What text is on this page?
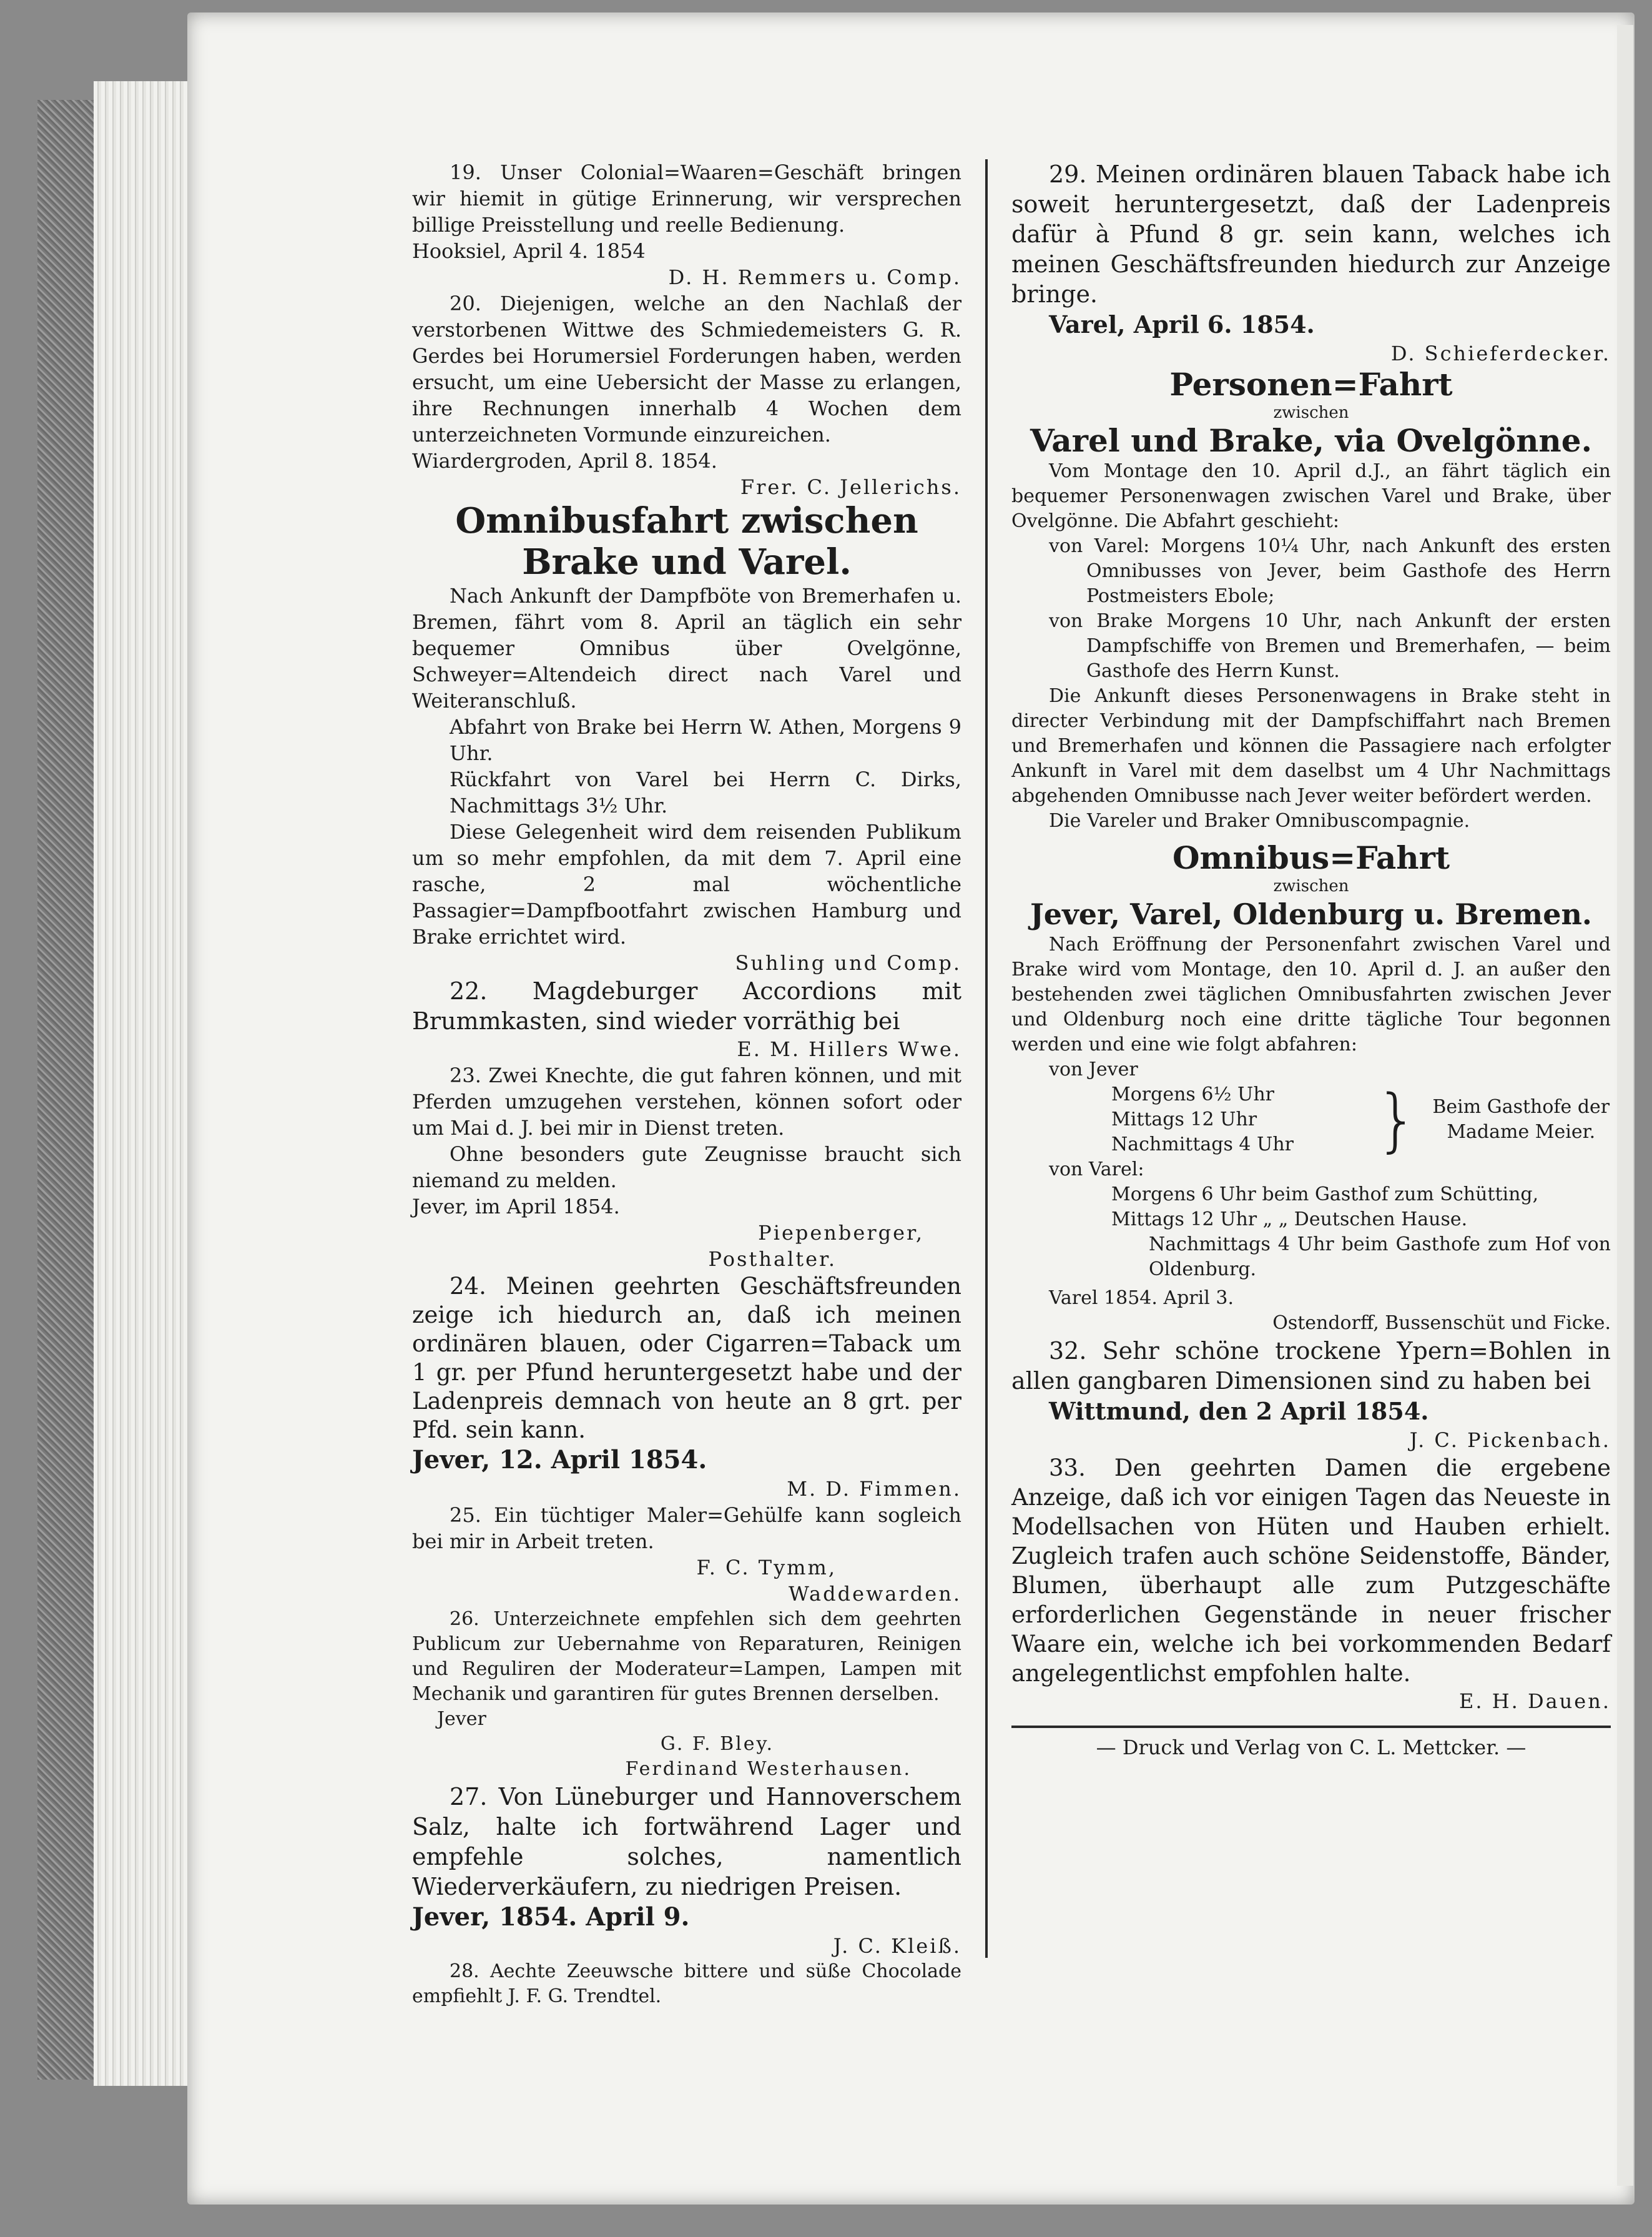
19. Unser Colonial=Waaren=Geschäft bringen wir hiemit in gütige Erinnerung, wir versprechen billige Preisstellung und reelle Bedienung.

Hooksiel, April 4. 1854

D. H. Remmers u. Comp.

20. Diejenigen, welche an den Nachlaß der verstorbenen Wittwe des Schmiedemeisters G. R. Gerdes bei Horumersiel Forderungen haben, werden ersucht, um eine Uebersicht der Masse zu erlangen, ihre Rechnungen innerhalb 4 Wochen dem unterzeichneten Vormunde einzureichen.

Wiardergroden, April 8. 1854.

Frer. C. Jellerichs.

Omnibusfahrt zwischen Brake und Varel.

Nach Ankunft der Dampfböte von Bremerhafen u. Bremen, fährt vom 8. April an täglich ein sehr bequemer Omnibus über Ovelgönne, Schweyer=Altendeich direct nach Varel und Weiteranschluß.

Abfahrt von Brake bei Herrn W. Athen, Morgens 9 Uhr.

Rückfahrt von Varel bei Herrn C. Dirks, Nachmittags 3½ Uhr.

Diese Gelegenheit wird dem reisenden Publikum um so mehr empfohlen, da mit dem 7. April eine rasche, 2 mal wöchentliche Passagier=Dampfbootfahrt zwischen Hamburg und Brake errichtet wird.

Suhling und Comp.

22. Magdeburger Accordions mit Brummkasten, sind wieder vorräthig bei

E. M. Hillers Wwe.

23. Zwei Knechte, die gut fahren können, und mit Pferden umzugehen verstehen, können sofort oder um Mai d. J. bei mir in Dienst treten.

Ohne besonders gute Zeugnisse braucht sich niemand zu melden.

Jever, im April 1854.

Piepenberger,

Posthalter.

24. Meinen geehrten Geschäftsfreunden zeige ich hiedurch an, daß ich meinen ordinären blauen, oder Cigarren=Taback um 1 gr. per Pfund heruntergesetzt habe und der Ladenpreis demnach von heute an 8 grt. per Pfd. sein kann.

Jever, 12. April 1854.

M. D. Fimmen.

25. Ein tüchtiger Maler=Gehülfe kann sogleich bei mir in Arbeit treten.

F. C. Tymm,

Waddewarden.

26. Unterzeichnete empfehlen sich dem geehrten Publicum zur Uebernahme von Reparaturen, Reinigen und Reguliren der Moderateur=Lampen, Lampen mit Mechanik und garantiren für gutes Brennen derselben.

Jever

G. F. Bley.

Ferdinand Westerhausen.

27. Von Lüneburger und Hannoverschem Salz, halte ich fortwährend Lager und empfehle solches, namentlich Wiederverkäufern, zu niedrigen Preisen.

Jever, 1854. April 9.

J. C. Kleiß.

28. Aechte Zeeuwsche bittere und süße Chocolade empfiehlt J. F. G. Trendtel.

29. Meinen ordinären blauen Taback habe ich soweit heruntergesetzt, daß der Ladenpreis dafür à Pfund 8 gr. sein kann, welches ich meinen Geschäftsfreunden hiedurch zur Anzeige bringe.

Varel, April 6. 1854.

D. Schieferdecker.

Personen=Fahrt

zwischen

Varel und Brake, via Ovelgönne.

Vom Montage den 10. April d.J., an fährt täglich ein bequemer Personenwagen zwischen Varel und Brake, über Ovelgönne. Die Abfahrt geschieht:

von Varel: Morgens 10¼ Uhr, nach Ankunft des ersten Omnibusses von Jever, beim Gasthofe des Herrn Postmeisters Ebole;

von Brake Morgens 10 Uhr, nach Ankunft der ersten Dampfschiffe von Bremen und Bremerhafen, — beim Gasthofe des Herrn Kunst.

Die Ankunft dieses Personenwagens in Brake steht in directer Verbindung mit der Dampfschiffahrt nach Bremen und Bremerhafen und können die Passagiere nach erfolgter Ankunft in Varel mit dem daselbst um 4 Uhr Nachmittags abgehenden Omnibusse nach Jever weiter befördert werden.

Die Vareler und Braker Omnibuscompagnie.

Omnibus=Fahrt

zwischen

Jever, Varel, Oldenburg u. Bremen.

Nach Eröffnung der Personenfahrt zwischen Varel und Brake wird vom Montage, den 10. April d. J. an außer den bestehenden zwei täglichen Omnibusfahrten zwischen Jever und Oldenburg noch eine dritte tägliche Tour begonnen werden und eine wie folgt abfahren:

von Jever

Morgens 6½ Uhr

Mittags 12 Uhr

Nachmittags 4 Uhr	} Beim Gasthofe der Madame Meier.

von Varel:

Morgens 6 Uhr beim Gasthof zum Schütting,

Mittags 12 Uhr „ „ Deutschen Hause.

Nachmittags 4 Uhr beim Gasthofe zum Hof von Oldenburg.

Varel 1854. April 3.

Ostendorff, Bussenschüt und Ficke.

32. Sehr schöne trockene Ypern=Bohlen in allen gangbaren Dimensionen sind zu haben bei

Wittmund, den 2 April 1854.

J. C. Pickenbach.

33. Den geehrten Damen die ergebene Anzeige, daß ich vor einigen Tagen das Neueste in Modellsachen von Hüten und Hauben erhielt. Zugleich trafen auch schöne Seidenstoffe, Bänder, Blumen, überhaupt alle zum Putzgeschäfte erforderlichen Gegenstände in neuer frischer Waare ein, welche ich bei vorkommenden Bedarf angelegentlichst empfohlen halte.

E. H. Dauen.

— Druck und Verlag von C. L. Mettcker. —
